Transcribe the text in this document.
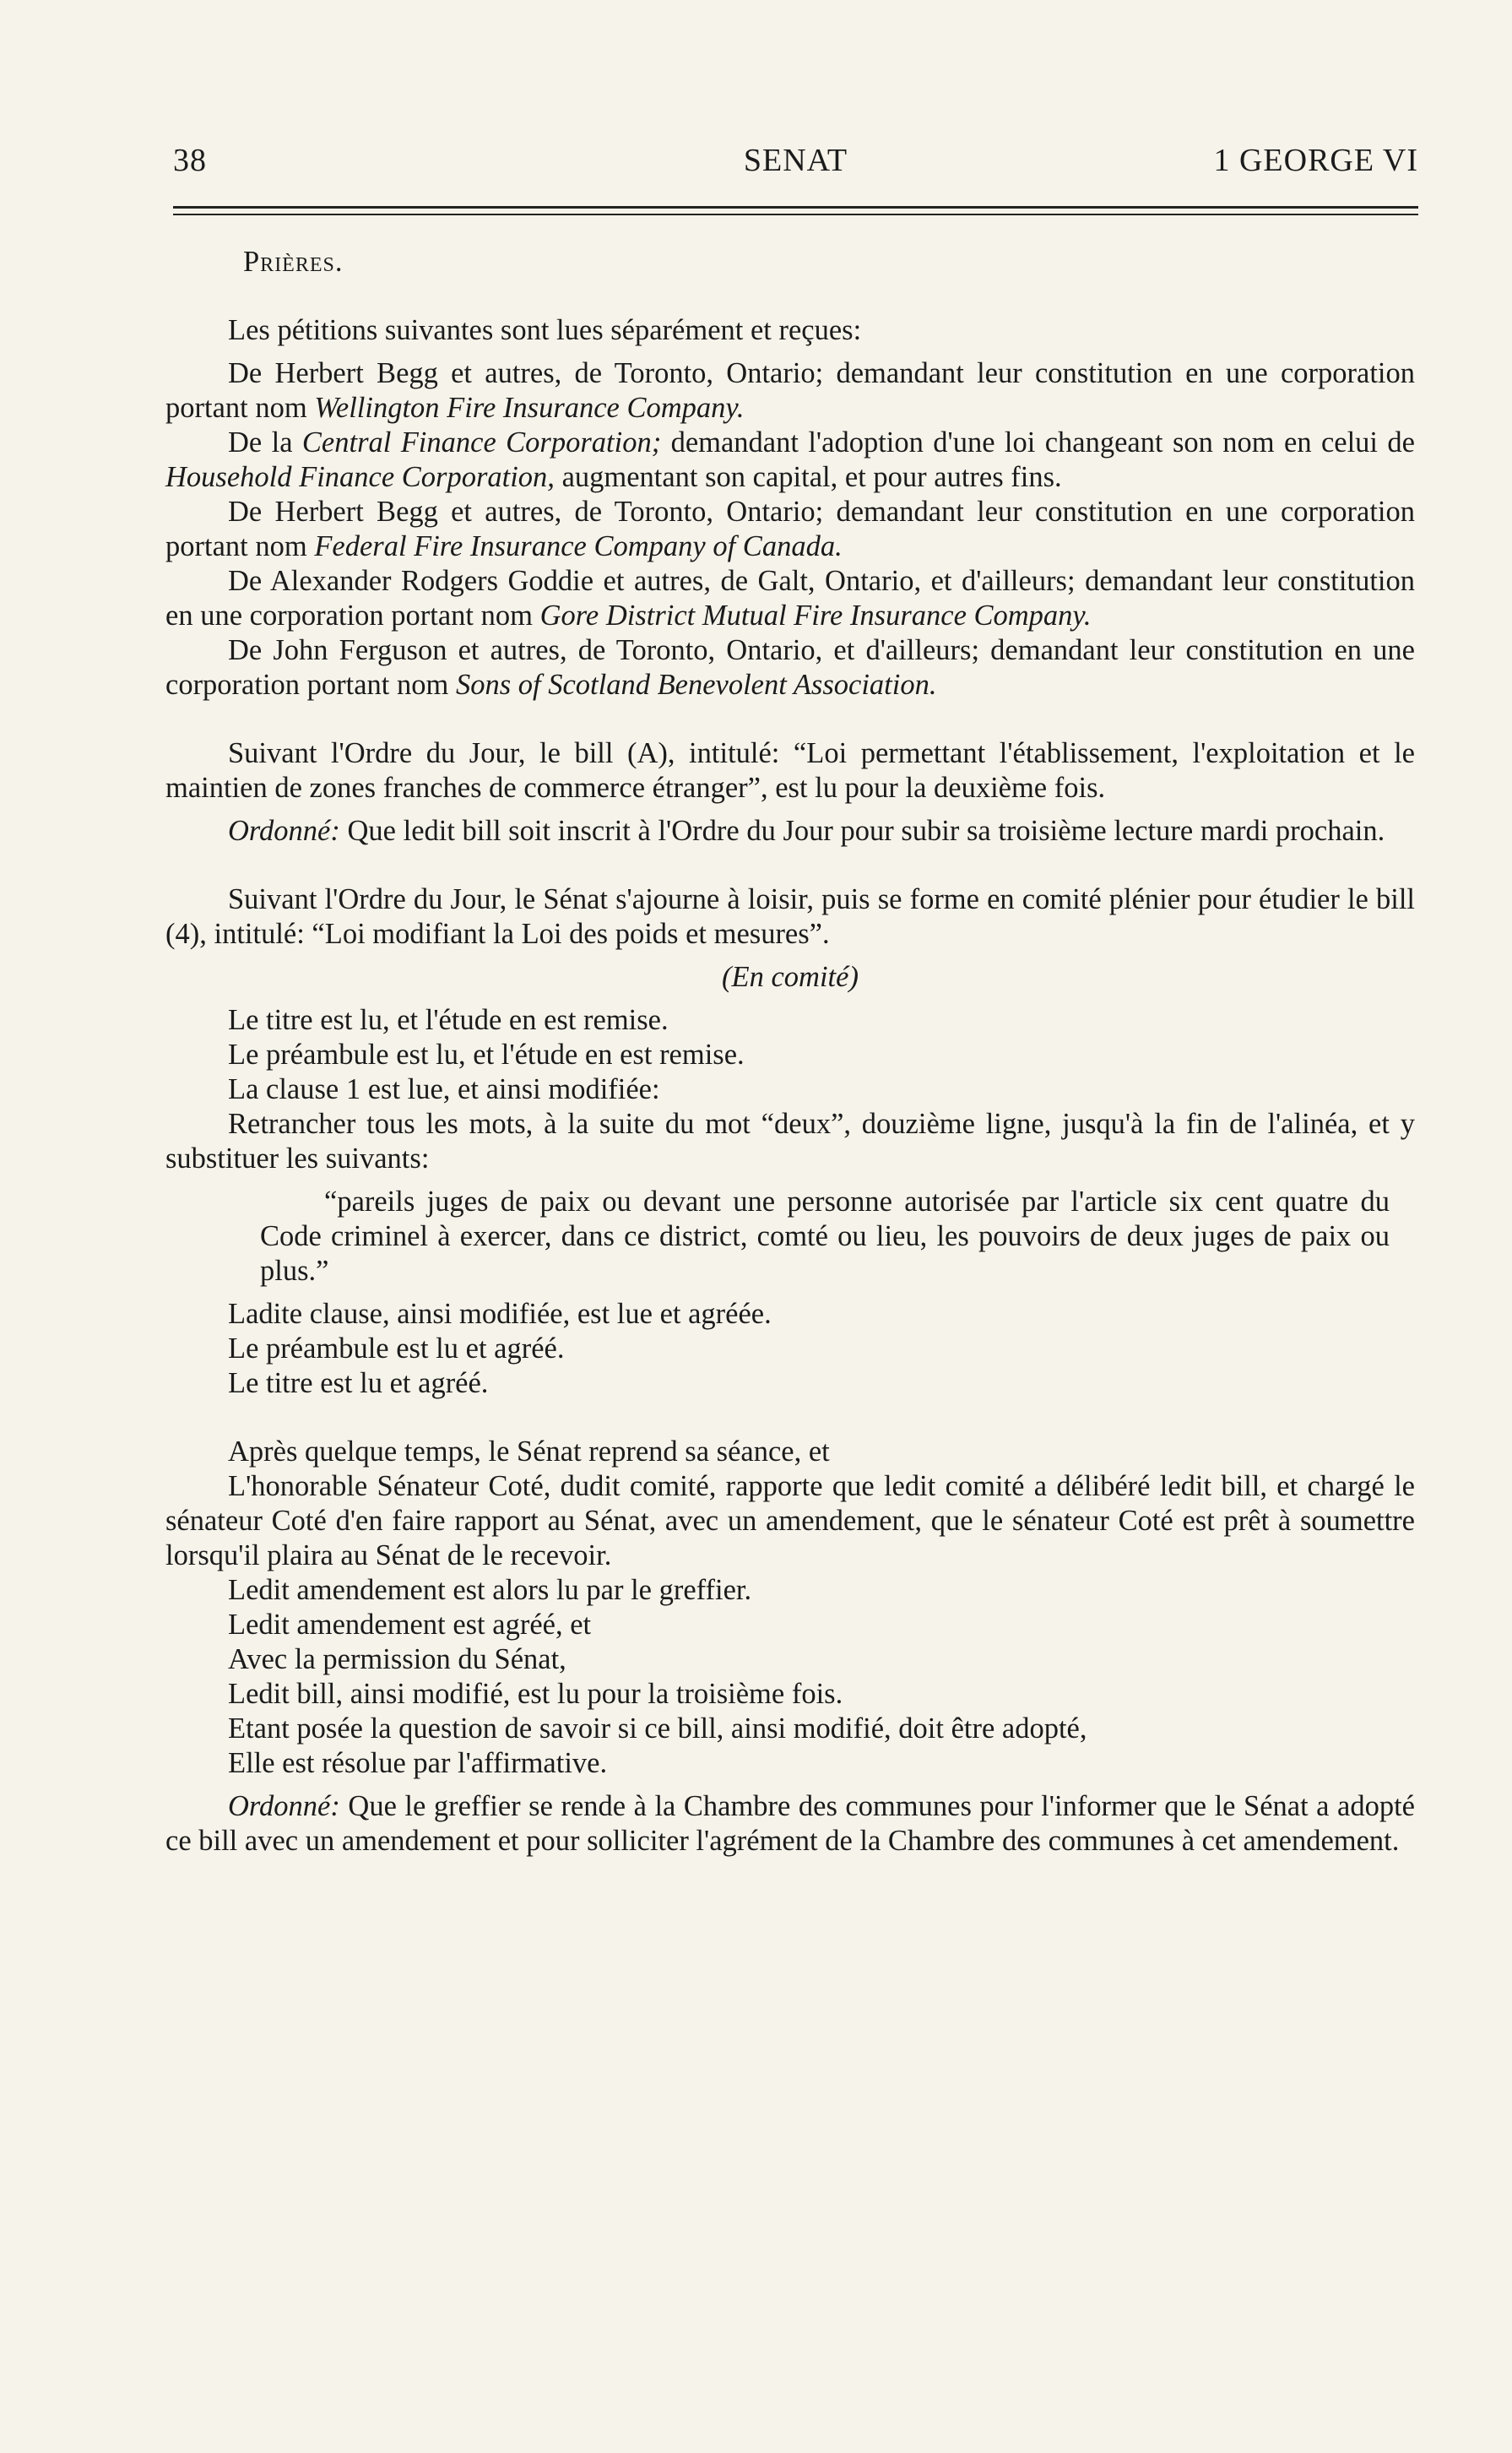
38	SENAT	1 GEORGE VI

Prières.

Les pétitions suivantes sont lues séparément et reçues:

De Herbert Begg et autres, de Toronto, Ontario; demandant leur constitution en une corporation portant nom Wellington Fire Insurance Company.

De la Central Finance Corporation; demandant l'adoption d'une loi changeant son nom en celui de Household Finance Corporation, augmentant son capital, et pour autres fins.

De Herbert Begg et autres, de Toronto, Ontario; demandant leur constitution en une corporation portant nom Federal Fire Insurance Company of Canada.

De Alexander Rodgers Goddie et autres, de Galt, Ontario, et d'ailleurs; demandant leur constitution en une corporation portant nom Gore District Mutual Fire Insurance Company.

De John Ferguson et autres, de Toronto, Ontario, et d'ailleurs; demandant leur constitution en une corporation portant nom Sons of Scotland Benevolent Association.

Suivant l'Ordre du Jour, le bill (A), intitulé: “Loi permettant l'établissement, l'exploitation et le maintien de zones franches de commerce étranger”, est lu pour la deuxième fois.

Ordonné: Que ledit bill soit inscrit à l'Ordre du Jour pour subir sa troisième lecture mardi prochain.

Suivant l'Ordre du Jour, le Sénat s'ajourne à loisir, puis se forme en comité plénier pour étudier le bill (4), intitulé: “Loi modifiant la Loi des poids et mesures”.

(En comité)

Le titre est lu, et l'étude en est remise.

Le préambule est lu, et l'étude en est remise.

La clause 1 est lue, et ainsi modifiée:

Retrancher tous les mots, à la suite du mot “deux”, douzième ligne, jusqu'à la fin de l'alinéa, et y substituer les suivants:

“pareils juges de paix ou devant une personne autorisée par l'article six cent quatre du Code criminel à exercer, dans ce district, comté ou lieu, les pouvoirs de deux juges de paix ou plus.”

Ladite clause, ainsi modifiée, est lue et agréée.

Le préambule est lu et agréé.

Le titre est lu et agréé.

Après quelque temps, le Sénat reprend sa séance, et

L'honorable Sénateur Coté, dudit comité, rapporte que ledit comité a délibéré ledit bill, et chargé le sénateur Coté d'en faire rapport au Sénat, avec un amendement, que le sénateur Coté est prêt à soumettre lorsqu'il plaira au Sénat de le recevoir.

Ledit amendement est alors lu par le greffier.

Ledit amendement est agréé, et

Avec la permission du Sénat,

Ledit bill, ainsi modifié, est lu pour la troisième fois.

Etant posée la question de savoir si ce bill, ainsi modifié, doit être adopté,

Elle est résolue par l'affirmative.

Ordonné: Que le greffier se rende à la Chambre des communes pour l'informer que le Sénat a adopté ce bill avec un amendement et pour solliciter l'agrément de la Chambre des communes à cet amendement.
